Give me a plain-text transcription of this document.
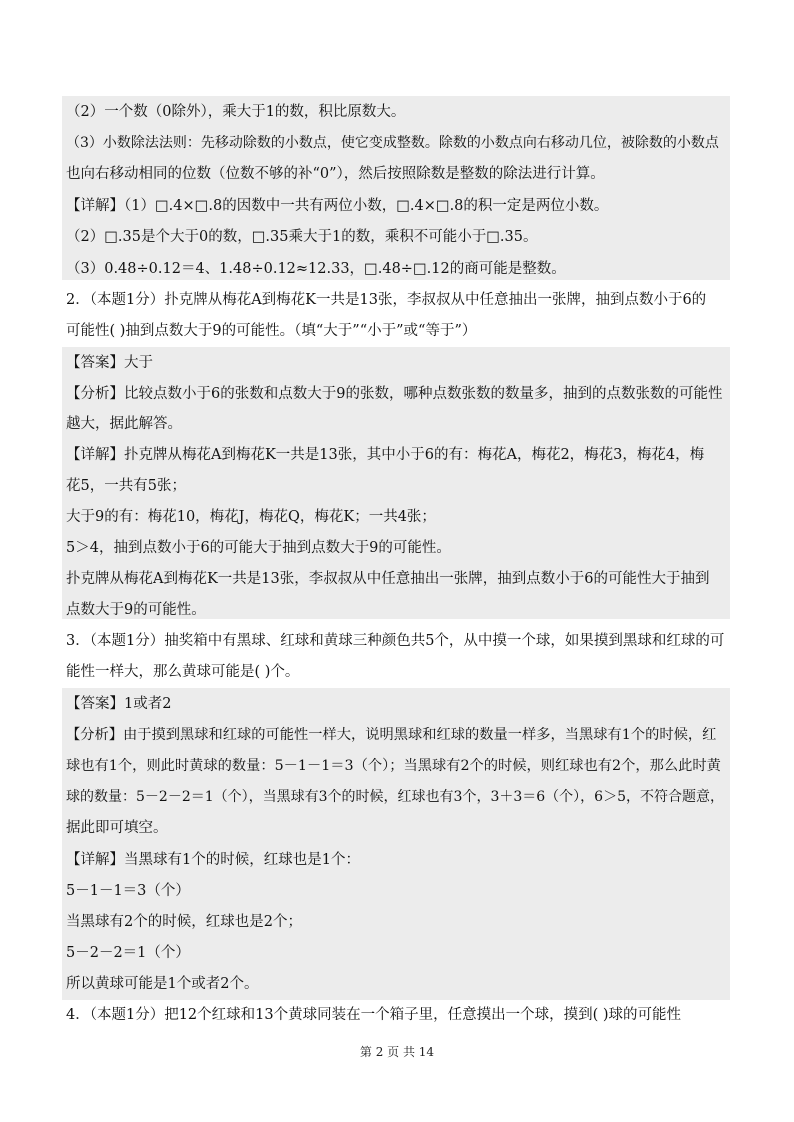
（2）一个数（0除外），乘大于1的数，积比原数大。
（3）小数除法法则：先移动除数的小数点，使它变成整数。除数的小数点向右移动几位，被除数的小数点
也向右移动相同的位数（位数不够的补“0”），然后按照除数是整数的除法进行计算。
【详解】（1）□.4×□.8的因数中一共有两位小数，□.4×□.8的积一定是两位小数。
（2）□.35是个大于0的数，□.35乘大于1的数，乘积不可能小于□.35。
（3）0.48÷0.12＝4、1.48÷0.12≈12.33，□.48÷□.12的商可能是整数。
2．（本题1分）扑克牌从梅花A到梅花K一共是13张，李叔叔从中任意抽出一张牌，抽到点数小于6的
可能性( )抽到点数大于9的可能性。（填“大于”“小于”或“等于”）
【答案】大于
【分析】比较点数小于6的张数和点数大于9的张数，哪种点数张数的数量多，抽到的点数张数的可能性
越大，据此解答。
【详解】扑克牌从梅花A到梅花K一共是13张，其中小于6的有：梅花A，梅花2，梅花3，梅花4，梅
花5，一共有5张；
大于9的有：梅花10，梅花J，梅花Q，梅花K；一共4张；
5＞4，抽到点数小于6的可能大于抽到点数大于9的可能性。
扑克牌从梅花A到梅花K一共是13张，李叔叔从中任意抽出一张牌，抽到点数小于6的可能性大于抽到
点数大于9的可能性。
3．（本题1分）抽奖箱中有黑球、红球和黄球三种颜色共5个，从中摸一个球，如果摸到黑球和红球的可
能性一样大，那么黄球可能是( )个。
【答案】1或者2
【分析】由于摸到黑球和红球的可能性一样大，说明黑球和红球的数量一样多，当黑球有1个的时候，红
球也有1个，则此时黄球的数量：5－1－1＝3（个）；当黑球有2个的时候，则红球也有2个，那么此时黄
球的数量：5－2－2＝1（个），当黑球有3个的时候，红球也有3个，3＋3＝6（个），6＞5，不符合题意，
据此即可填空。
【详解】当黑球有1个的时候，红球也是1个：
5－1－1＝3（个）
当黑球有2个的时候，红球也是2个；
5－2－2＝1（个）
所以黄球可能是1个或者2个。
4．（本题1分）把12个红球和13个黄球同装在一个箱子里，任意摸出一个球，摸到( )球的可能性
第 2 页 共 14
